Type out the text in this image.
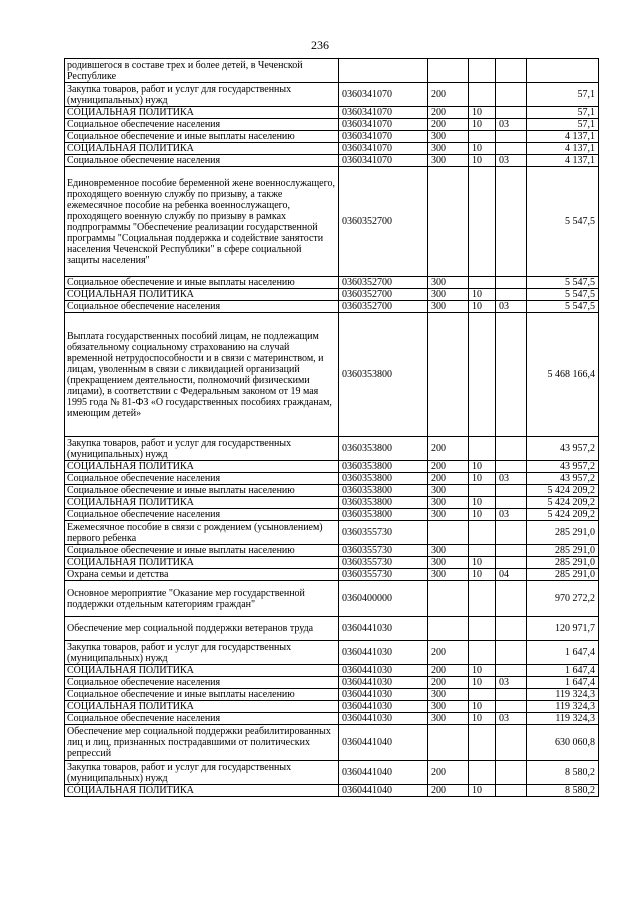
236
родившегося в составе трех и более детей, в Чеченской Республике					
Закупка товаров, работ и услуг для государственных (муниципальных) нужд	0360341070	200			57,1
СОЦИАЛЬНАЯ ПОЛИТИКА	0360341070	200	10		57,1
Социальное обеспечение населения	0360341070	200	10	03	57,1
Социальное обеспечение и иные выплаты населению	0360341070	300			4 137,1
СОЦИАЛЬНАЯ ПОЛИТИКА	0360341070	300	10		4 137,1
Социальное обеспечение населения	0360341070	300	10	03	4 137,1
Единовременное пособие беременной жене военнослужащего, проходящего военную службу по призыву, а также ежемесячное пособие на ребенка военнослужащего, проходящего военную службу по призыву в рамках подпрограммы "Обеспечение реализации государственной программы "Социальная поддержка и содействие занятости населения Чеченской Республики" в сфере социальной защиты населения"	0360352700				5 547,5
Социальное обеспечение и иные выплаты населению	0360352700	300			5 547,5
СОЦИАЛЬНАЯ ПОЛИТИКА	0360352700	300	10		5 547,5
Социальное обеспечение населения	0360352700	300	10	03	5 547,5
Выплата государственных пособий лицам, не подлежащим обязательному социальному страхованию на случай временной нетрудоспособности и в связи с материнством, и лицам, уволенным в связи с ликвидацией организаций (прекращением деятельности, полномочий физическими лицами), в соответствии с Федеральным законом от 19 мая 1995 года № 81-ФЗ «О государственных пособиях гражданам, имеющим детей»	0360353800				5 468 166,4
Закупка товаров, работ и услуг для государственных (муниципальных) нужд	0360353800	200			43 957,2
СОЦИАЛЬНАЯ ПОЛИТИКА	0360353800	200	10		43 957,2
Социальное обеспечение населения	0360353800	200	10	03	43 957,2
Социальное обеспечение и иные выплаты населению	0360353800	300			5 424 209,2
СОЦИАЛЬНАЯ ПОЛИТИКА	0360353800	300	10		5 424 209,2
Социальное обеспечение населения	0360353800	300	10	03	5 424 209,2
Ежемесячное пособие в связи с рождением (усыновлением) первого ребенка	0360355730				285 291,0
Социальное обеспечение и иные выплаты населению	0360355730	300			285 291,0
СОЦИАЛЬНАЯ ПОЛИТИКА	0360355730	300	10		285 291,0
Охрана семьи и детства	0360355730	300	10	04	285 291,0
Основное мероприятие "Оказание мер государственной поддержки отдельным категориям граждан"	0360400000				970 272,2
Обеспечение мер социальной поддержки ветеранов труда	0360441030				120 971,7
Закупка товаров, работ и услуг для государственных (муниципальных) нужд	0360441030	200			1 647,4
СОЦИАЛЬНАЯ ПОЛИТИКА	0360441030	200	10		1 647,4
Социальное обеспечение населения	0360441030	200	10	03	1 647,4
Социальное обеспечение и иные выплаты населению	0360441030	300			119 324,3
СОЦИАЛЬНАЯ ПОЛИТИКА	0360441030	300	10		119 324,3
Социальное обеспечение населения	0360441030	300	10	03	119 324,3
Обеспечение мер социальной поддержки реабилитированных лиц и лиц, признанных пострадавшими от политических репрессий	0360441040				630 060,8
Закупка товаров, работ и услуг для государственных (муниципальных) нужд	0360441040	200			8 580,2
СОЦИАЛЬНАЯ ПОЛИТИКА	0360441040	200	10		8 580,2
